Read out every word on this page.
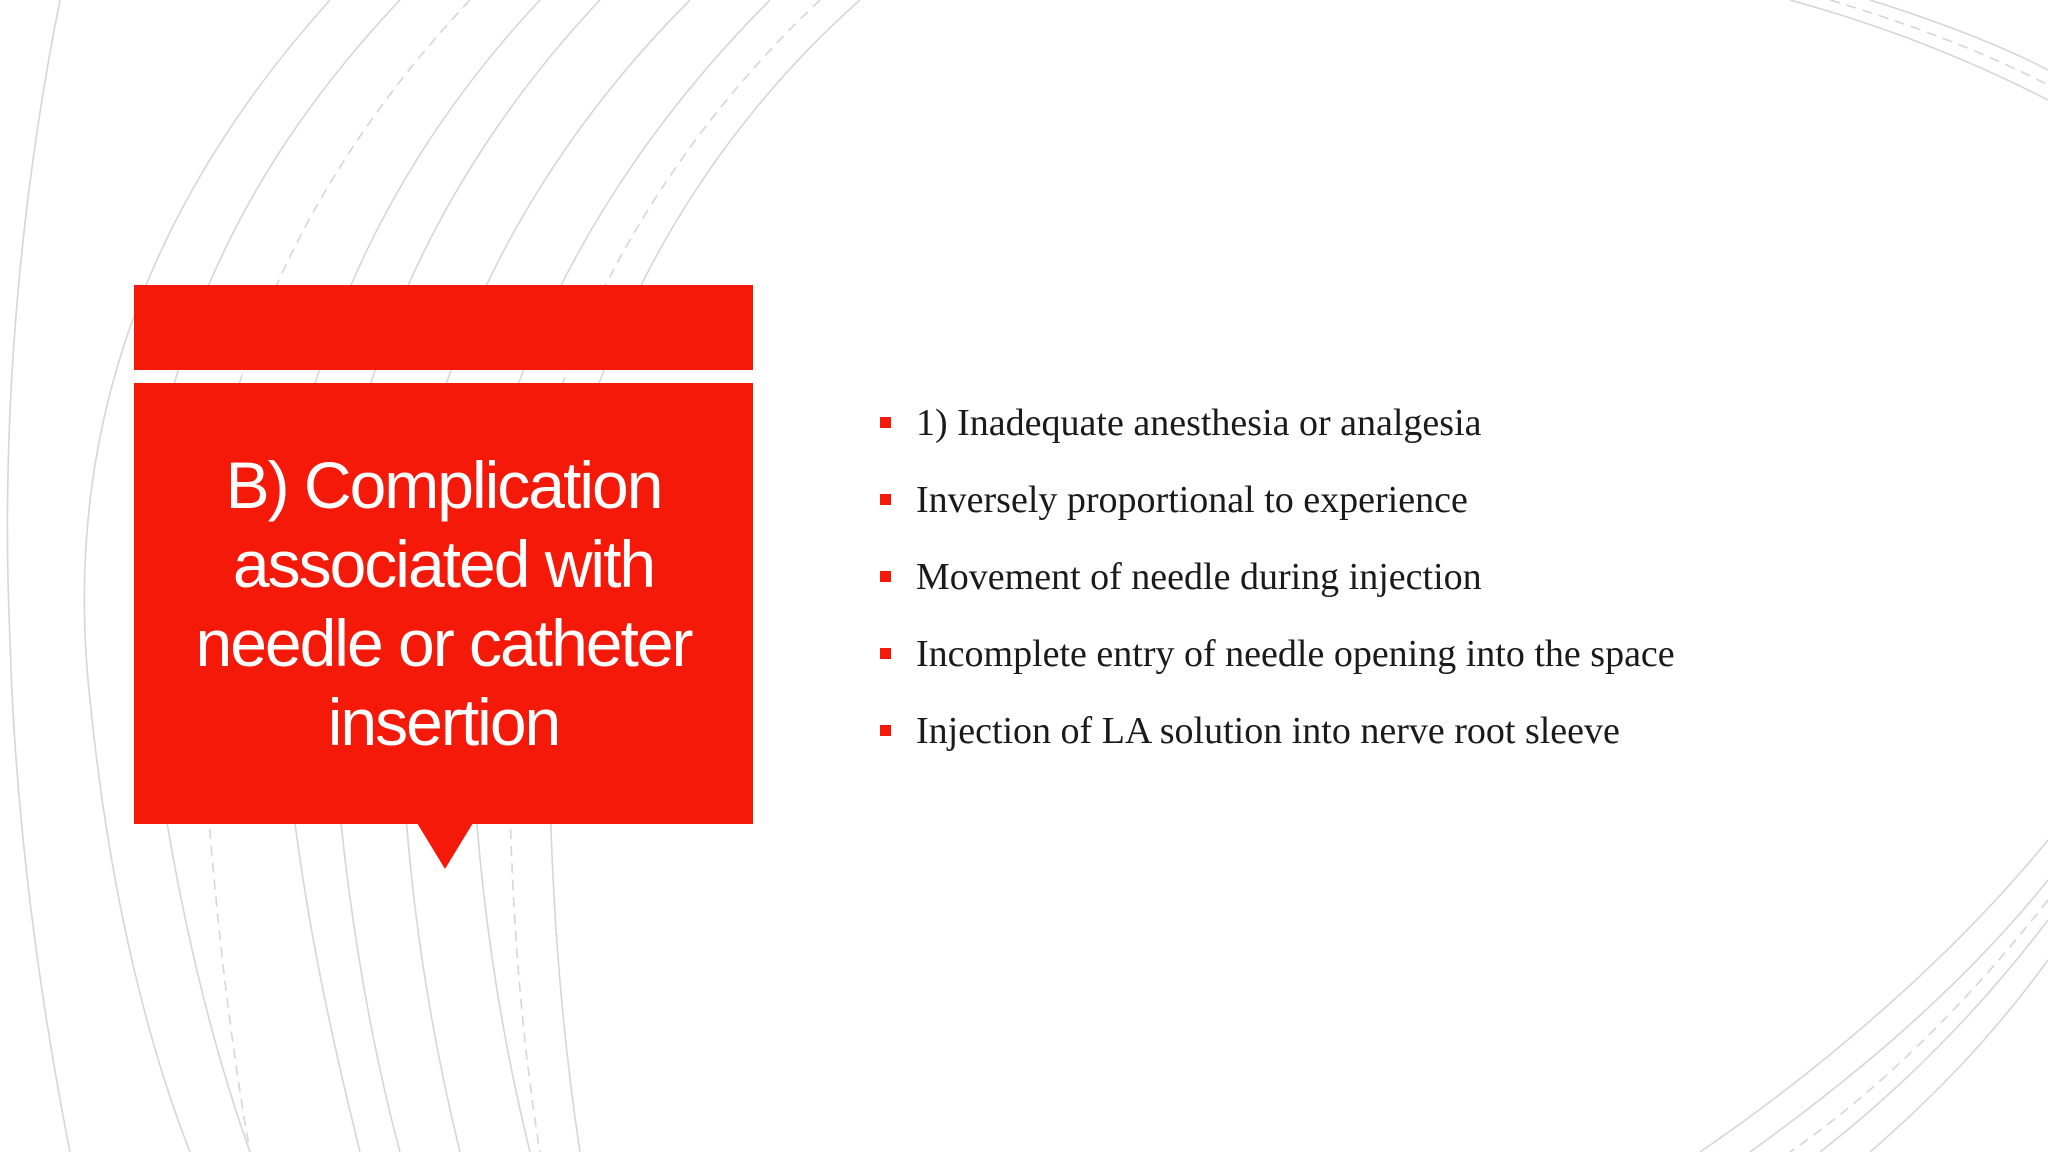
B) Complication associated with needle or catheter insertion
1) Inadequate anesthesia or analgesia
Inversely proportional to experience
Movement of needle during injection
Incomplete entry of needle opening into the space
Injection of LA solution into nerve root sleeve
